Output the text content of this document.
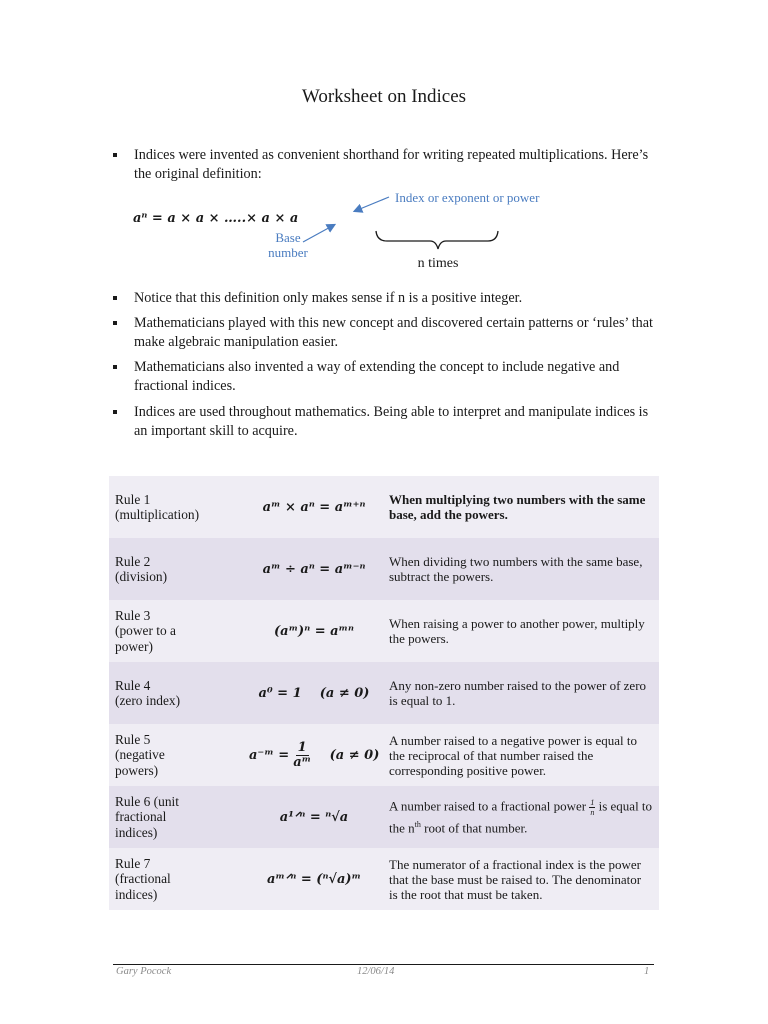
Worksheet on Indices
Indices were invented as convenient shorthand for writing repeated multiplications. Here’s the original definition:
aⁿ = a × a × …..× a × a
Index or exponent or power
Base
number
n times
Notice that this definition only makes sense if n is a positive integer.
Mathematicians played with this new concept and discovered certain patterns or ‘rules’ that make algebraic manipulation easier.
Mathematicians also invented a way of extending the concept to include negative and fractional indices.
Indices are used throughout mathematics. Being able to interpret and manipulate indices is an important skill to acquire.
Rule 1
(multiplication)	aᵐ × aⁿ = aᵐ⁺ⁿ	When multiplying two numbers with the same base, add the powers.
Rule 2
(division)	aᵐ ÷ aⁿ = aᵐ⁻ⁿ	When dividing two numbers with the same base, subtract the powers.
Rule 3
(power to a
power)	(aᵐ)ⁿ = aᵐⁿ	When raising a power to another power, multiply the powers.
Rule 4
(zero index)	a⁰ = 1    (a ≠ 0)	Any non-zero number raised to the power of zero is equal to 1.
Rule 5
(negative
powers)	a⁻ᵐ = $\frac{1}{\text{aᵐ}} (a \ne 0)$	A number raised to a negative power is equal to the reciprocal of that number raised the corresponding positive power.
Rule 6 (unit
fractional
indices)	a¹ᐟⁿ = ⁿ√a	A number raised to a fractional power $\frac{1}{n}$ is equal to the $n^{th}$ root of that number.
Rule 7
(fractional
indices)	aᵐᐟⁿ = (ⁿ√a)ᵐ	The numerator of a fractional index is the power that the base must be raised to. The denominator is the root that must be taken.
Gary Pocock	12/06/14	1
